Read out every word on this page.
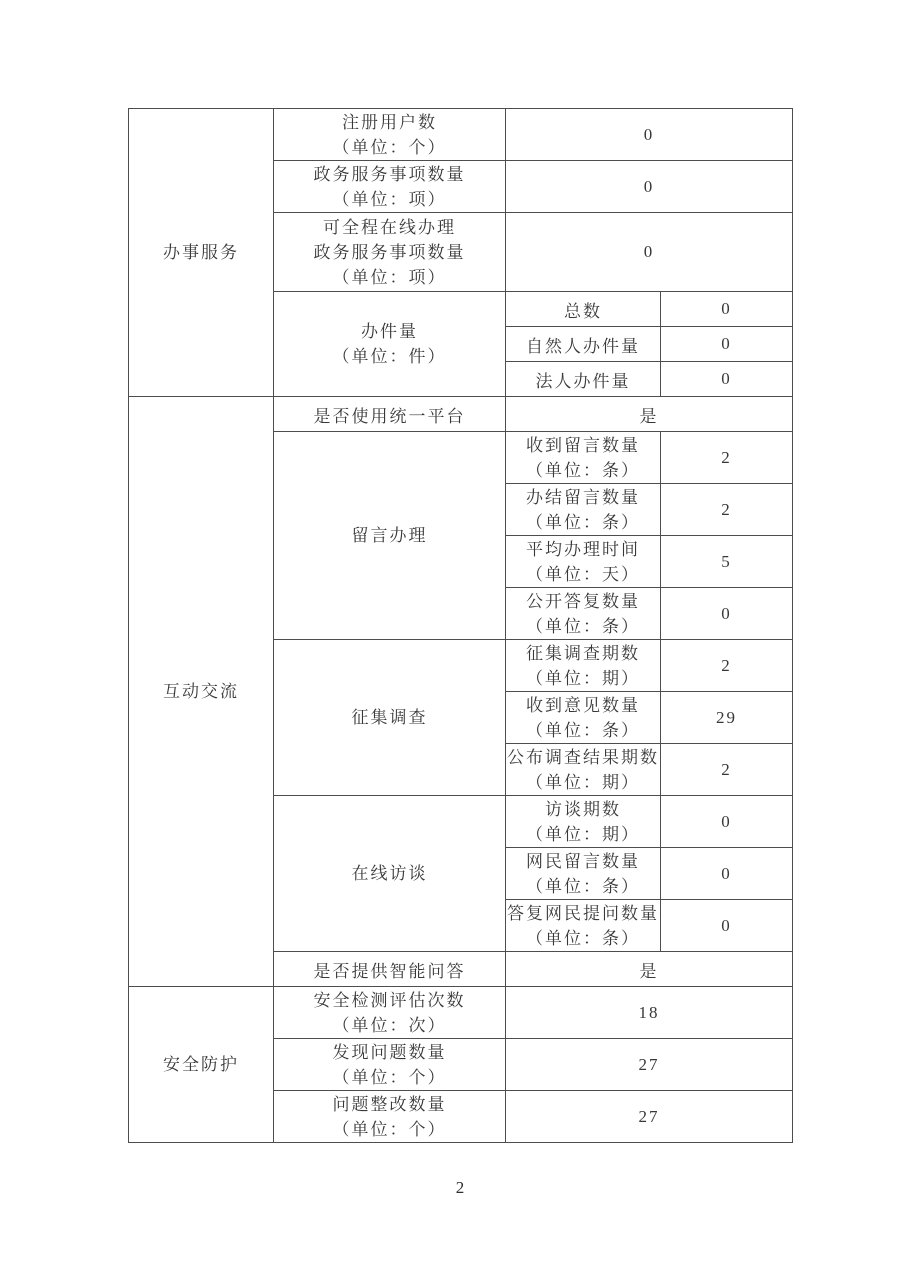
办事服务	注册用户数
（单位：个）	0	

	政务服务事项数量
（单位：项）	0	

	可全程在线办理
政务服务事项数量
（单位：项）	0	

	办件量
（单位：件）	总数	0
		自然人办件量	0
		法人办件量	0

互动交流	是否使用统一平台	是	

	留言办理	收到留言数量
（单位：条）	2

		办结留言数量
（单位：条）	2

		平均办理时间
（单位：天）	5

		公开答复数量
（单位：条）	0

	征集调查	征集调查期数
（单位：期）	2

		收到意见数量
（单位：条）	29

		公布调查结果期数
（单位：期）	2

	在线访谈	访谈期数
（单位：期）	0

		网民留言数量
（单位：条）	0

		答复网民提问数量
（单位：条）	0
	是否提供智能问答	是	

安全防护	安全检测评估次数
（单位：次）	18	

	发现问题数量
（单位：个）	27	

	问题整改数量
（单位：个）	27	
2
